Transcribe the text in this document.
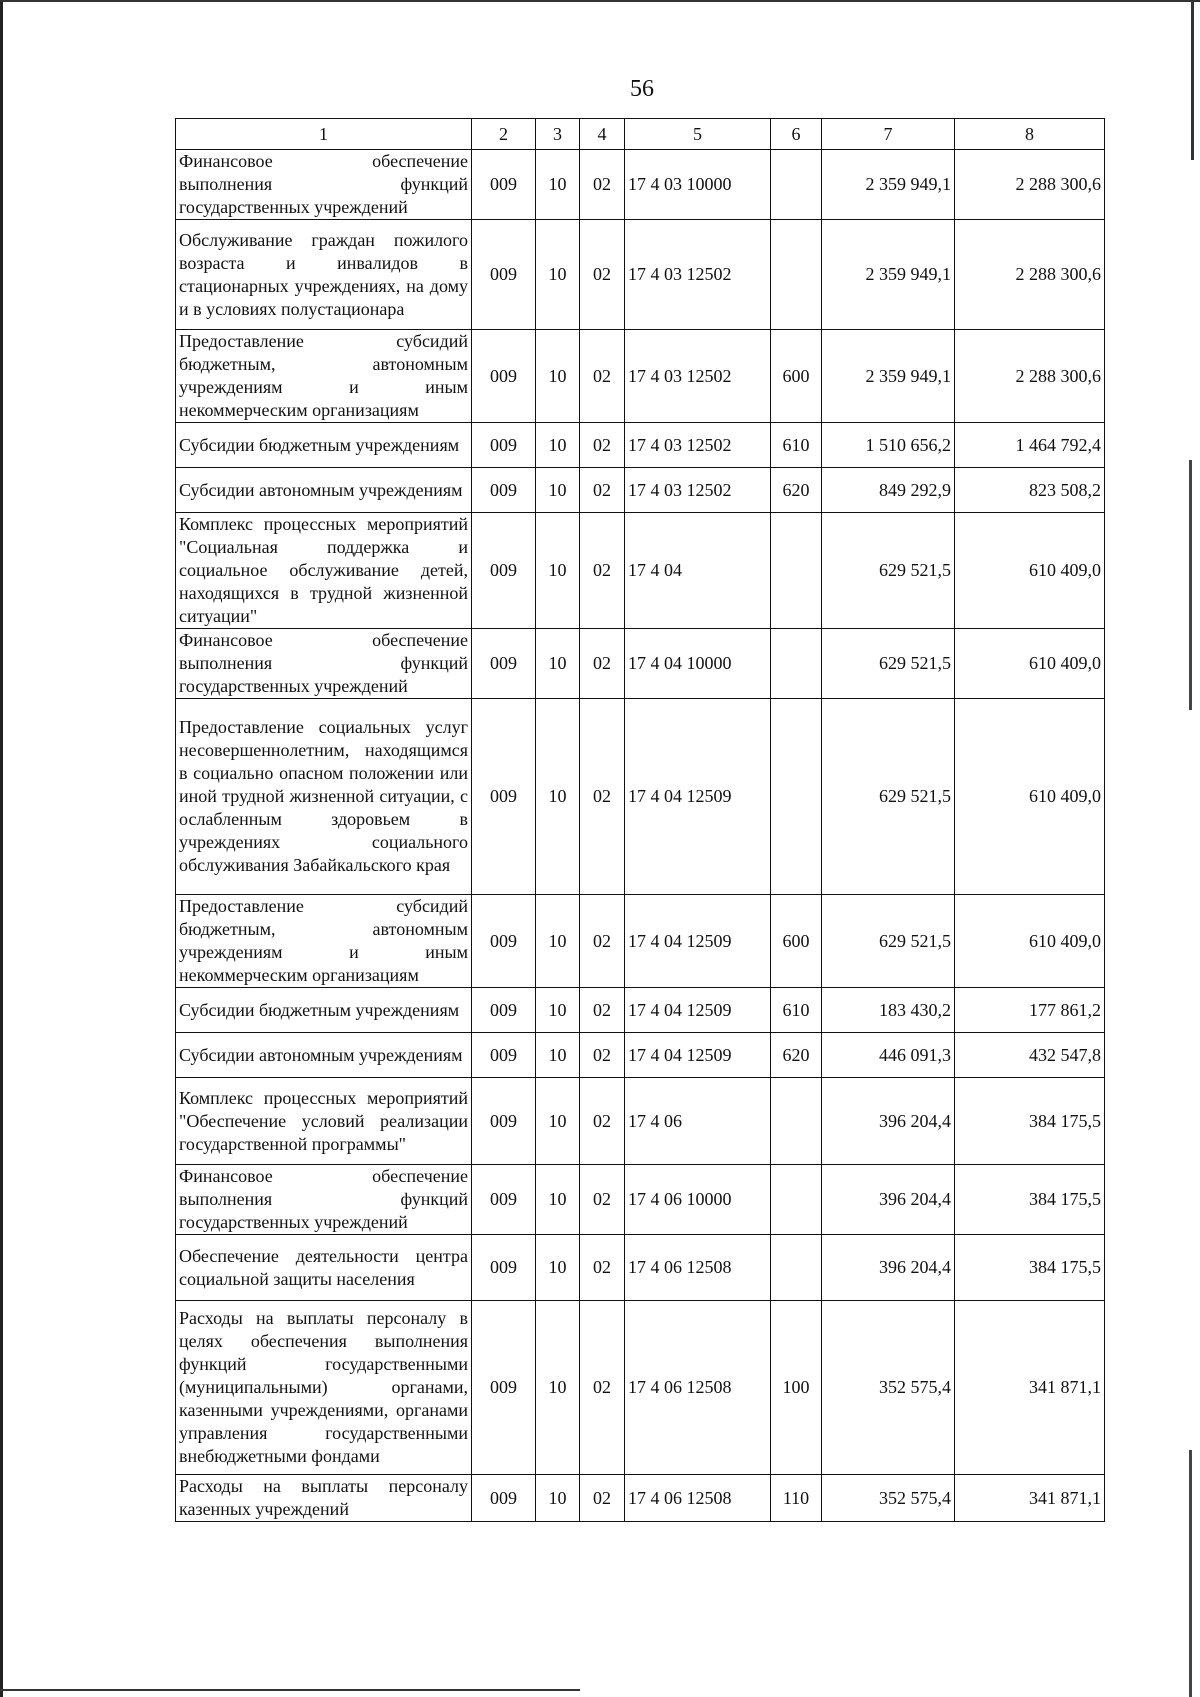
56
1	2	3	4	5	6	7	8
Финансовое обеспечение выполнения функций государственных учреждений	009	10	02	17 4 03 10000		2 359 949,1	2 288 300,6
Обслуживание граждан пожилого возраста и инвалидов в стационарных учреждениях, на дому и в условиях полустационара	009	10	02	17 4 03 12502		2 359 949,1	2 288 300,6
Предоставление субсидий бюджетным, автономным учреждениям и иным некоммерческим организациям	009	10	02	17 4 03 12502	600	2 359 949,1	2 288 300,6
Субсидии бюджетным учреждениям	009	10	02	17 4 03 12502	610	1 510 656,2	1 464 792,4
Субсидии автономным учреждениям	009	10	02	17 4 03 12502	620	849 292,9	823 508,2
Комплекс процессных мероприятий "Социальная поддержка и социальное обслуживание детей, находящихся в трудной жизненной ситуации"	009	10	02	17 4 04		629 521,5	610 409,0
Финансовое обеспечение выполнения функций государственных учреждений	009	10	02	17 4 04 10000		629 521,5	610 409,0
Предоставление социальных услуг несовершеннолетним, находящимся в социально опасном положении или иной трудной жизненной ситуации, с ослабленным здоровьем в учреждениях социального обслуживания Забайкальского края	009	10	02	17 4 04 12509		629 521,5	610 409,0
Предоставление субсидий бюджетным, автономным учреждениям и иным некоммерческим организациям	009	10	02	17 4 04 12509	600	629 521,5	610 409,0
Субсидии бюджетным учреждениям	009	10	02	17 4 04 12509	610	183 430,2	177 861,2
Субсидии автономным учреждениям	009	10	02	17 4 04 12509	620	446 091,3	432 547,8
Комплекс процессных мероприятий "Обеспечение условий реализации государственной программы"	009	10	02	17 4 06		396 204,4	384 175,5
Финансовое обеспечение выполнения функций государственных учреждений	009	10	02	17 4 06 10000		396 204,4	384 175,5
Обеспечение деятельности центра социальной защиты населения	009	10	02	17 4 06 12508		396 204,4	384 175,5
Расходы на выплаты персоналу в целях обеспечения выполнения функций государственными (муниципальными) органами, казенными учреждениями, органами управления государственными внебюджетными фондами	009	10	02	17 4 06 12508	100	352 575,4	341 871,1
Расходы на выплаты персоналу казенных учреждений	009	10	02	17 4 06 12508	110	352 575,4	341 871,1
